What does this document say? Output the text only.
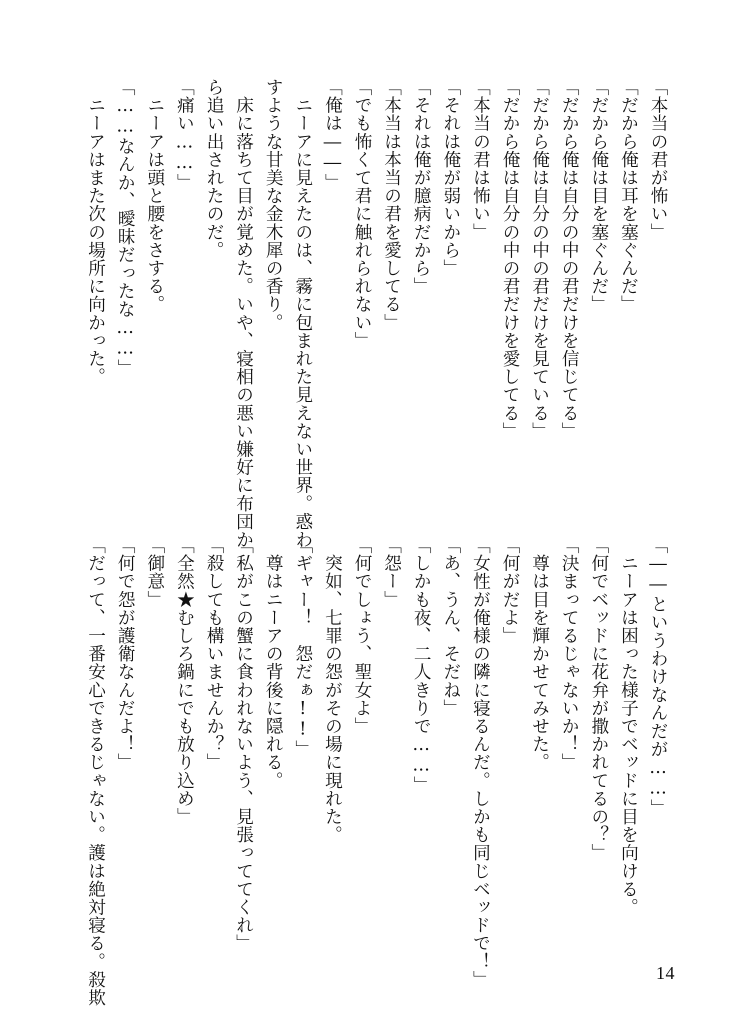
「本当の君が怖い」
「だから俺は耳を塞ぐんだ」
「だから俺は目を塞ぐんだ」
「だから俺は自分の中の君だけを信じてる」
「だから俺は自分の中の君だけを見ている」
「だから俺は自分の中の君だけを愛してる」
「本当の君は怖い」
「それは俺が弱いから」
「それは俺が臆病だから」
「本当は本当の君を愛してる」
「でも怖くて君に触れられない」
「俺は――」
　ニーアに見えたのは、霧に包まれた見えない世界。惑わ
すような甘美な金木犀の香り。
　床に落ちて目が覚めた。いや、寝相の悪い嫌好に布団か
ら追い出されたのだ。
「痛い……」
　ニーアは頭と腰をさする。
「……なんか、曖昧だったな……」
　ニーアはまた次の場所に向かった。
「――というわけなんだが……」
　ニーアは困った様子でベッドに目を向ける。
「何でベッドに花弁が撒かれてるの？」
「決まってるじゃないか！」
　尊は目を輝かせてみせた。
「何がだよ」
「女性が俺様の隣に寝るんだ。しかも同じベッドで！」
「あ、うん、そだね」
「しかも夜、二人きりで……」
「怨ー」
「何でしょう、聖女よ」
　突如、七罪の怨がその場に現れた。
「ギャー！　怨だぁ!!」
　尊はニーアの背後に隠れる。
「私がこの蟹に食われないよう、見張っててくれ」
「殺しても構いませんか？」
「全然★むしろ鍋にでも放り込め」
「御意」
「何で怨が護衛なんだよ！」
「だって、一番安心できるじゃない。護は絶対寝る。殺欺	14
